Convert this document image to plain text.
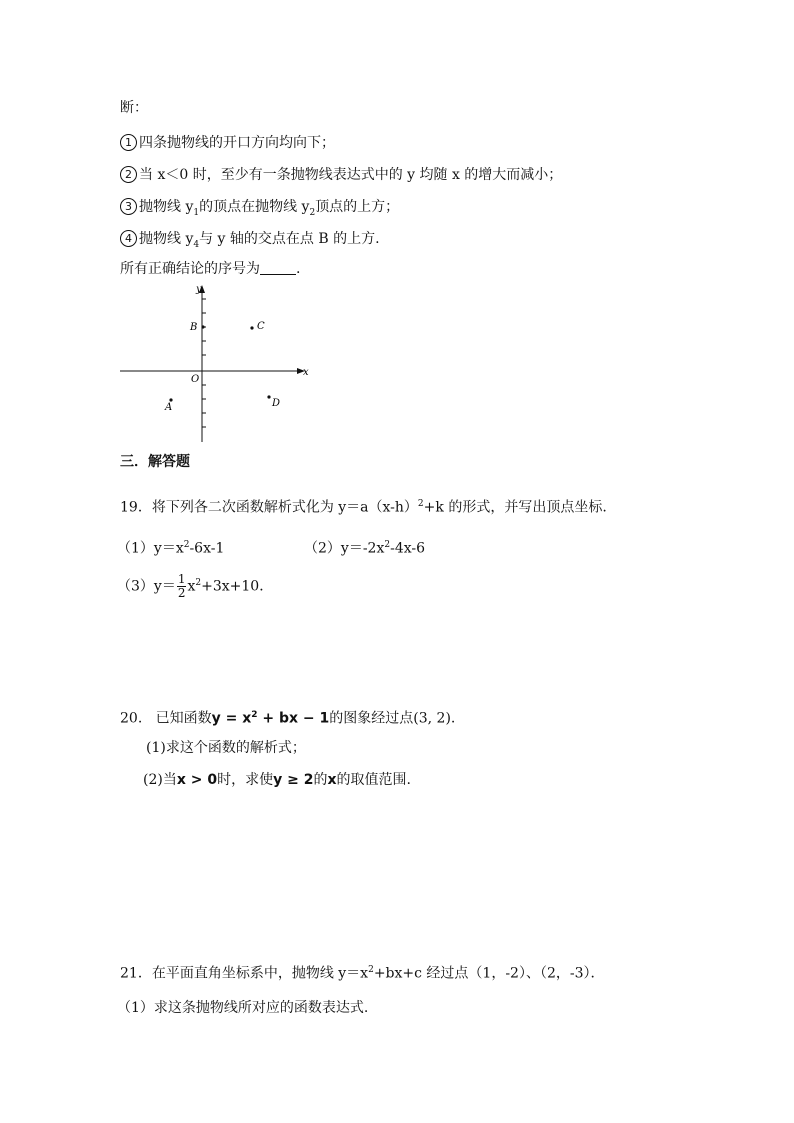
断：
1 四条抛物线的开口方向均向下；
2 当 x＜0 时，至少有一条抛物线表达式中的 y 均随 x 的增大而减小；
3 抛物线 $y_1$的顶点在抛物线 $y_2$顶点的上方；
4 抛物线 $y_4$与 y 轴的交点在点 B 的上方.
所有正确结论的序号为	.
x
y
O
B	C
A	D
三．解答题
19．将下列各二次函数解析式化为 $y=a(x-h)^2+k$ 的形式，并写出顶点坐标.
$(1)y=x^2-6x-1$	$(2)y=-2x^2-4x-6$
$(3)y= \frac{1}{2} x^2+3x+10$．
20. 已知函数$y = x^2$ + bx − 1的图象经过点(3, 2).
(1)求这个函数的解析式；
(2)当x > 0时，求使y ≥ 2的x的取值范围.
21．在平面直角坐标系中，抛物线 $y=x^2+bx+c$ 经过点（1，-2）、（2，-3）．
（1）求这条抛物线所对应的函数表达式.
